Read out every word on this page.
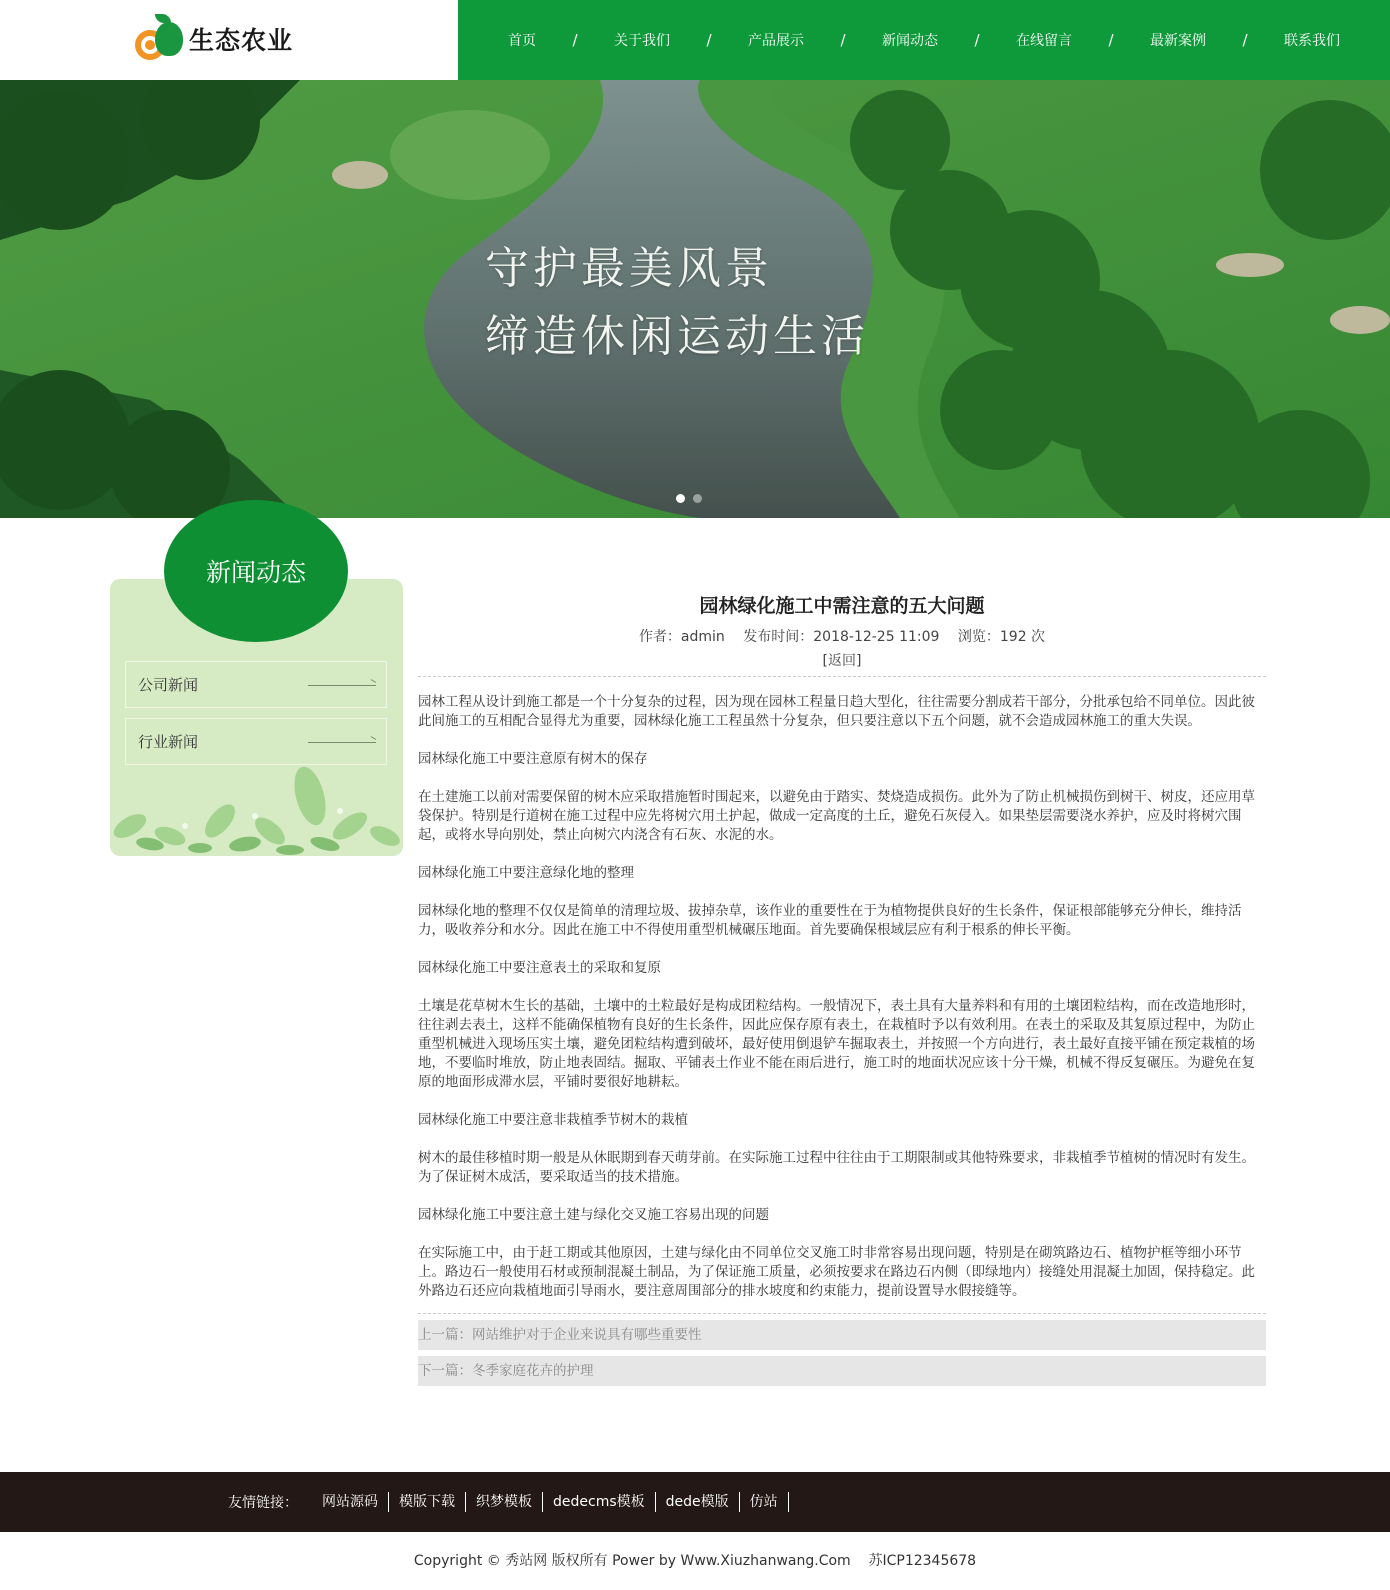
生态农业	首页	/	关于我们	/	产品展示	/	新闻动态	/	在线留言	/	最新案例	/	联系我们
守护最美风景
缔造休闲运动生活
公司新闻
行业新闻
新闻动态
园林绿化施工中需注意的五大问题
作者：admin 发布时间：2018-12-25 11:09 浏览：192 次
[返回]

园林工程从设计到施工都是一个十分复杂的过程，因为现在园林工程量日趋大型化，往往需要分割成若干部分，分批承包给不同单位。因此彼此间施工的互相配合显得尤为重要，园林绿化施工工程虽然十分复杂，但只要注意以下五个问题，就不会造成园林施工的重大失误。

园林绿化施工中要注意原有树木的保存

在土建施工以前对需要保留的树木应采取措施暂时围起来，以避免由于踏实、焚烧造成损伤。此外为了防止机械损伤到树干、树皮，还应用草袋保护。特别是行道树在施工过程中应先将树穴用土护起，做成一定高度的土丘，避免石灰侵入。如果垫层需要浇水养护，应及时将树穴围起，或将水导向别处，禁止向树穴内浇含有石灰、水泥的水。

园林绿化施工中要注意绿化地的整理

园林绿化地的整理不仅仅是简单的清理垃圾、拔掉杂草，该作业的重要性在于为植物提供良好的生长条件，保证根部能够充分伸长，维持活力，吸收养分和水分。因此在施工中不得使用重型机械碾压地面。首先要确保根域层应有利于根系的伸长平衡。

园林绿化施工中要注意表土的采取和复原

土壤是花草树木生长的基础，土壤中的土粒最好是构成团粒结构。一般情况下，表土具有大量养料和有用的土壤团粒结构，而在改造地形时，往往剥去表土，这样不能确保植物有良好的生长条件，因此应保存原有表土，在栽植时予以有效利用。在表土的采取及其复原过程中，为防止重型机械进入现场压实土壤，避免团粒结构遭到破坏，最好使用倒退铲车掘取表土，并按照一个方向进行，表土最好直接平铺在预定栽植的场地，不要临时堆放，防止地表固结。掘取、平铺表土作业不能在雨后进行，施工时的地面状况应该十分干燥，机械不得反复碾压。为避免在复原的地面形成滞水层，平铺时要很好地耕耘。

园林绿化施工中要注意非栽植季节树木的栽植

树木的最佳移植时期一般是从休眠期到春天萌芽前。在实际施工过程中往往由于工期限制或其他特殊要求，非栽植季节植树的情况时有发生。为了保证树木成活，要采取适当的技术措施。

园林绿化施工中要注意土建与绿化交叉施工容易出现的问题

在实际施工中，由于赶工期或其他原因，土建与绿化由不同单位交叉施工时非常容易出现问题，特别是在砌筑路边石、植物护框等细小环节上。路边石一般使用石材或预制混凝土制品，为了保证施工质量，必须按要求在路边石内侧（即绿地内）接缝处用混凝土加固，保持稳定。此外路边石还应向栽植地面引导雨水，要注意周围部分的排水坡度和约束能力，提前设置导水假接缝等。

上一篇：网站维护对于企业来说具有哪些重要性
下一篇：冬季家庭花卉的护理
友情链接：	网站源码	模版下载	织梦模板	dedecms模板	dede模版	仿站
Copyright © 秀站网 版权所有 Power by Www.Xiuzhanwang.Com    苏ICP12345678
